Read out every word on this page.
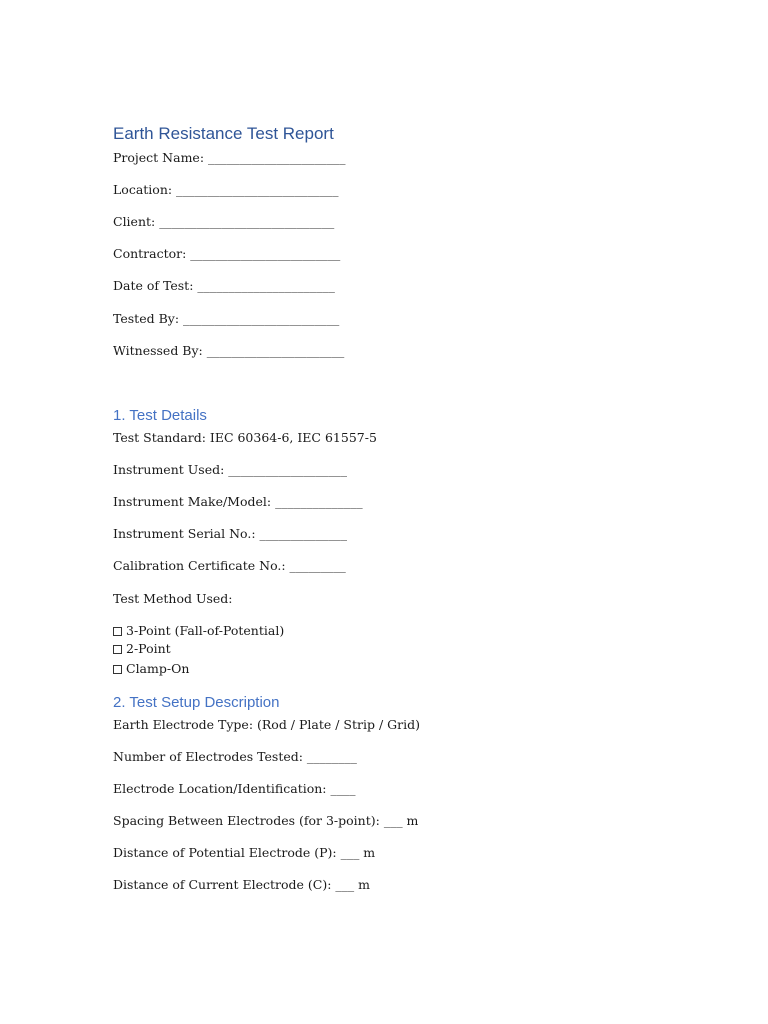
Earth Resistance Test Report
Project Name: ______________________
Location: __________________________
Client: ____________________________
Contractor: ________________________
Date of Test: ______________________
Tested By: _________________________
Witnessed By: ______________________
1. Test Details
Test Standard: IEC 60364-6, IEC 61557-5
Instrument Used: ___________________
Instrument Make/Model: ______________
Instrument Serial No.: ______________
Calibration Certificate No.: _________
Test Method Used:
3-Point (Fall-of-Potential)
2-Point
Clamp-On
2. Test Setup Description
Earth Electrode Type: (Rod / Plate / Strip / Grid)
Number of Electrodes Tested: ________
Electrode Location/Identification: ____
Spacing Between Electrodes (for 3-point): ___ m
Distance of Potential Electrode (P): ___ m
Distance of Current Electrode (C): ___ m
